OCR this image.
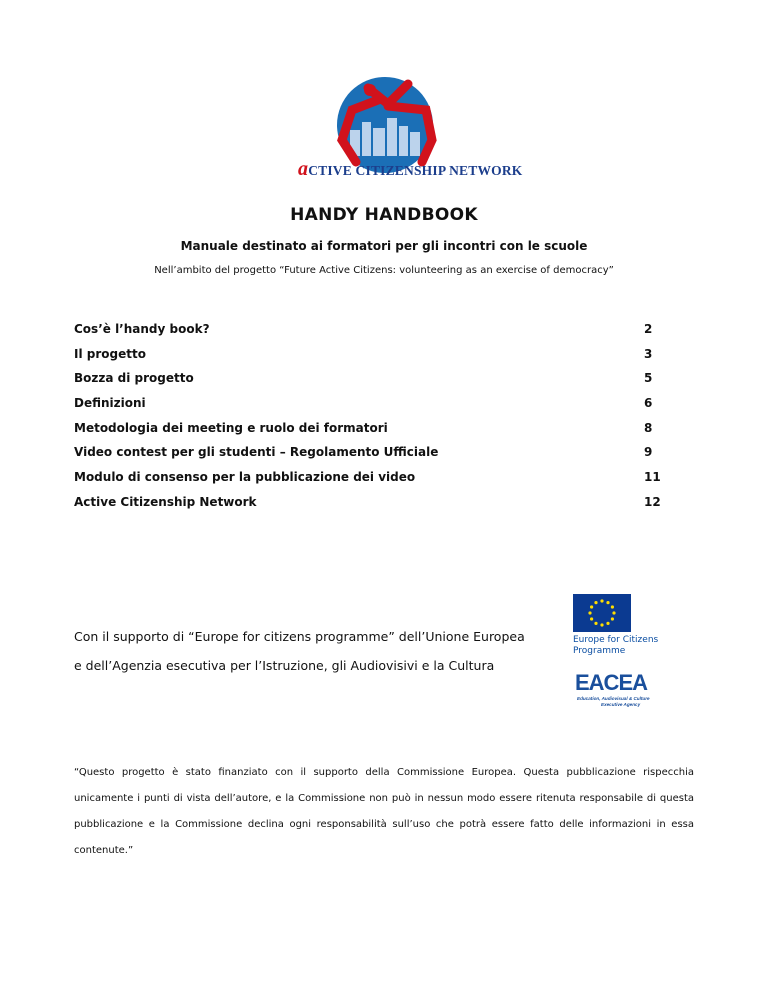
aCTIVE CITIZENSHIP NETWORK
HANDY HANDBOOK
Manuale destinato ai formatori per gli incontri con le scuole
Nell’ambito del progetto “Future Active Citizens: volunteering as an exercise of democracy”
Cos’è l’handy book?	2
Il progetto	3
Bozza di progetto	5
Definizioni	6
Metodologia dei meeting e ruolo dei formatori	8
Video contest per gli studenti – Regolamento Ufficiale	9
Modulo di consenso per la pubblicazione dei video	11
Active Citizenship Network	12
Con il supporto di “Europe for citizens programme” dell’Unione Europea
e dell’Agenzia esecutiva per l’Istruzione, gli Audiovisivi e la Cultura
Europe for Citizens
Programme
EACEA
Education, Audiovisual & Culture
Executive Agency
“Questo progetto è stato finanziato con il supporto della Commissione Europea. Questa pubblicazione rispecchia unicamente i punti di vista dell’autore, e la Commissione non può in nessun modo essere ritenuta responsabile di questa pubblicazione e la Commissione declina ogni responsabilità sull’uso che potrà essere fatto delle informazioni in essa contenute.”
